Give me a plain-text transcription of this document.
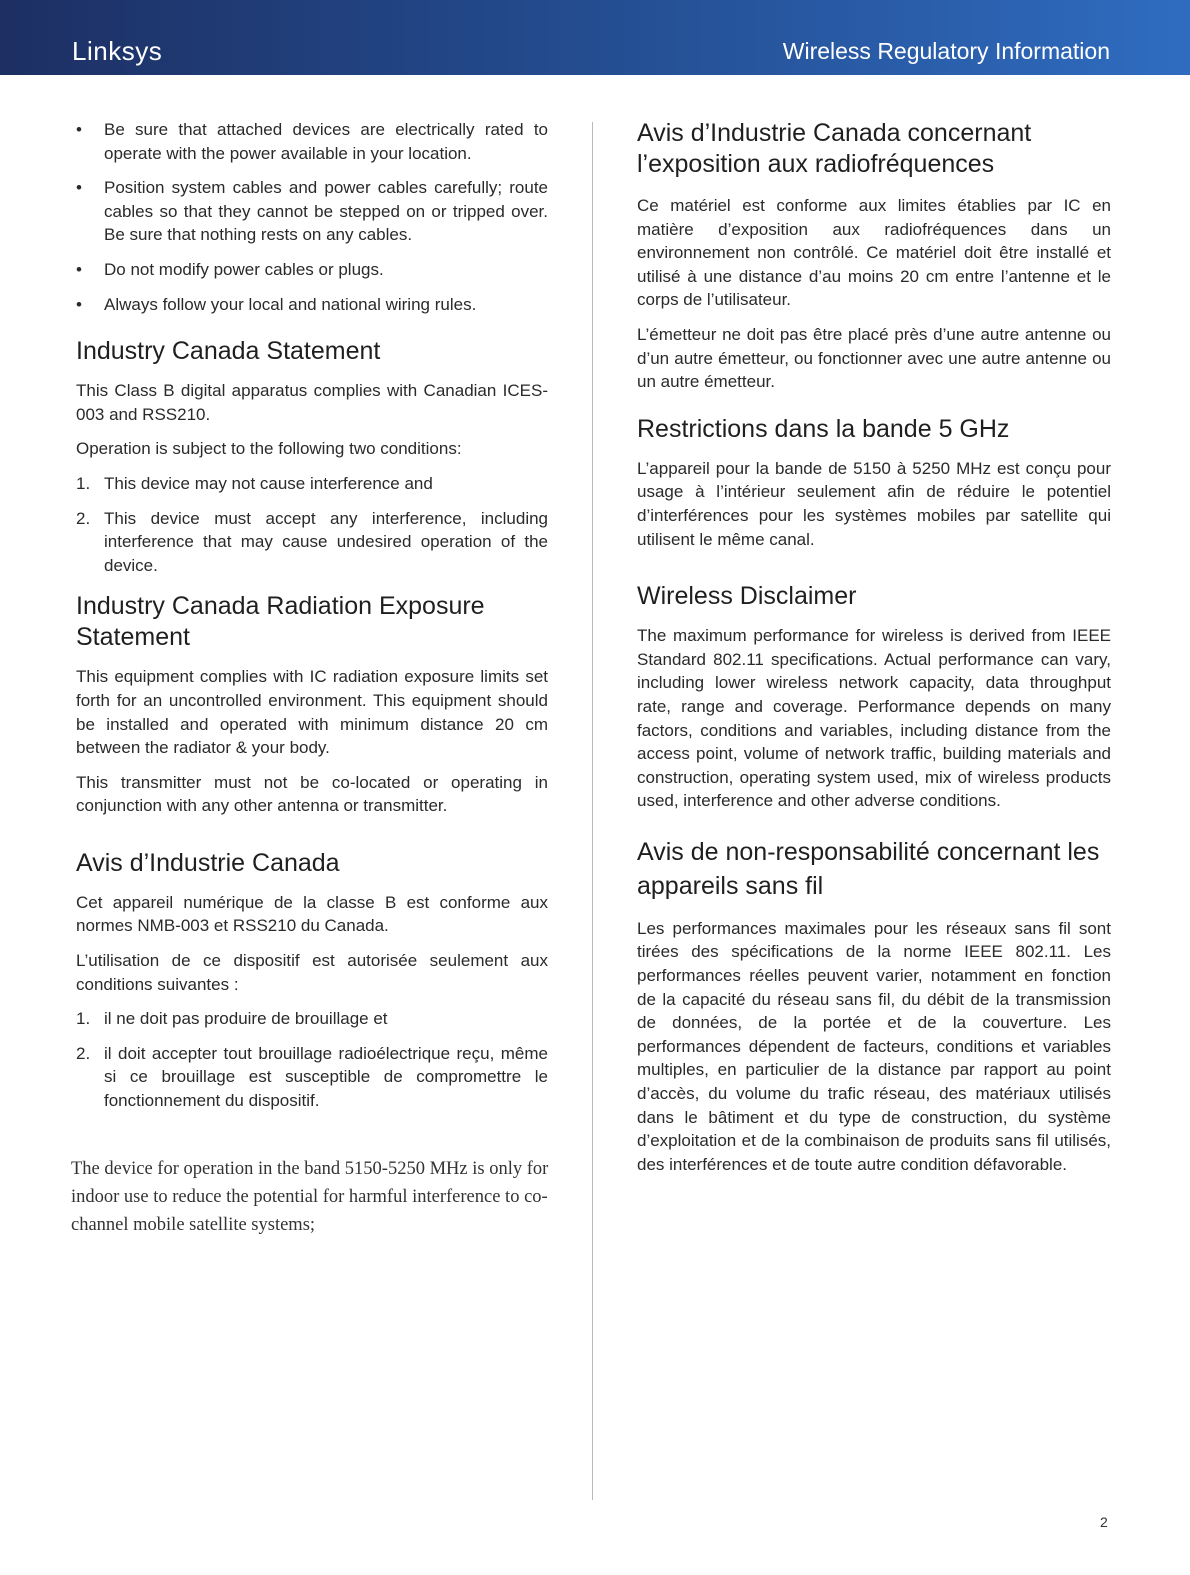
Linksys	Wireless Regulatory Information
• Be sure that attached devices are electrically rated to operate with the power available in your location.
• Position system cables and power cables carefully; route cables so that they cannot be stepped on or tripped over. Be sure that nothing rests on any cables.
• Do not modify power cables or plugs.
• Always follow your local and national wiring rules.
Industry Canada Statement

This Class B digital apparatus complies with Canadian ICES-003 and RSS210.

Operation is subject to the following two conditions:

1. This device may not cause interference and
2. This device must accept any interference, including interference that may cause undesired operation of the device.
Industry Canada Radiation Exposure Statement

This equipment complies with IC radiation exposure limits set forth for an uncontrolled environment. This equipment should be installed and operated with minimum distance 20 cm between the radiator & your body.

This transmitter must not be co-located or operating in conjunction with any other antenna or transmitter.

Avis d’Industrie Canada

Cet appareil numérique de la classe B est conforme aux normes NMB-003 et RSS210 du Canada.

L’utilisation de ce dispositif est autorisée seulement aux conditions suivantes :

1. il ne doit pas produire de brouillage et
2. il doit accepter tout brouillage radioélectrique reçu, même si ce brouillage est susceptible de compromettre le fonctionnement du dispositif.
The device for operation in the band 5150-5250 MHz is only for indoor use to reduce the potential for harmful interference to co-channel mobile satellite systems;
Avis d’Industrie Canada concernant l’exposition aux radiofréquences

Ce matériel est conforme aux limites établies par IC en matière d’exposition aux radiofréquences dans un environnement non contrôlé. Ce matériel doit être installé et utilisé à une distance d’au moins 20 cm entre l’antenne et le corps de l’utilisateur.

L’émetteur ne doit pas être placé près d’une autre antenne ou d’un autre émetteur, ou fonctionner avec une autre antenne ou un autre émetteur.

Restrictions dans la bande 5 GHz

L’appareil pour la bande de 5150 à 5250 MHz est conçu pour usage à l’intérieur seulement afin de réduire le potentiel d’interférences pour les systèmes mobiles par satellite qui utilisent le même canal.

Wireless Disclaimer

The maximum performance for wireless is derived from IEEE Standard 802.11 specifications. Actual performance can vary, including lower wireless network capacity, data throughput rate, range and coverage. Performance depends on many factors, conditions and variables, including distance from the access point, volume of network traffic, building materials and construction, operating system used, mix of wireless products used, interference and other adverse conditions.

Avis de non-responsabilité concernant les appareils sans fil

Les performances maximales pour les réseaux sans fil sont tirées des spécifications de la norme IEEE 802.11. Les performances réelles peuvent varier, notamment en fonction de la capacité du réseau sans fil, du débit de la transmission de données, de la portée et de la couverture. Les performances dépendent de facteurs, conditions et variables multiples, en particulier de la distance par rapport au point d’accès, du volume du trafic réseau, des matériaux utilisés dans le bâtiment et du type de construction, du système d’exploitation et de la combinaison de produits sans fil utilisés, des interférences et de toute autre condition défavorable.

2
